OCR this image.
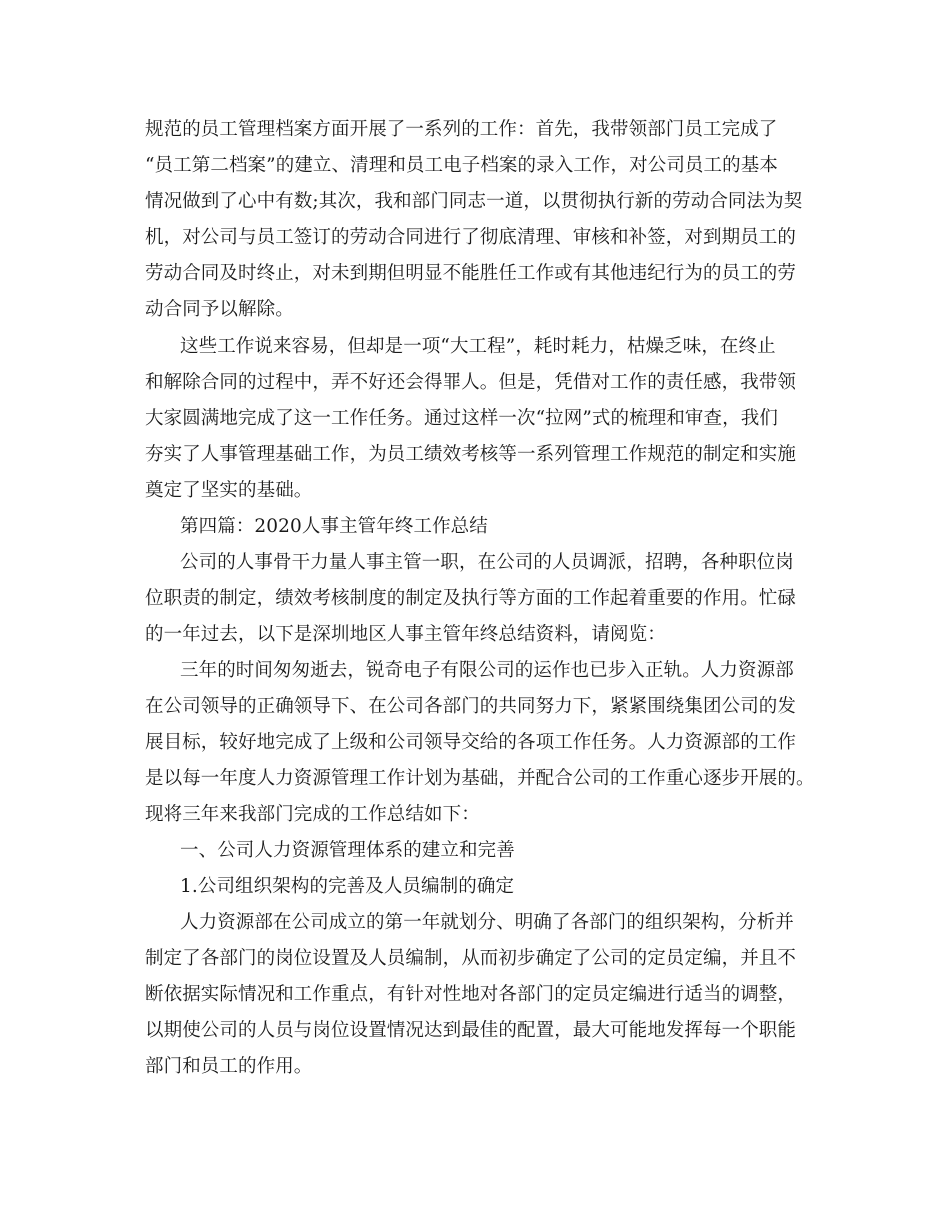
规范的员工管理档案方面开展了一系列的工作：首先，我带领部门员工完成了

“员工第二档案”的建立、清理和员工电子档案的录入工作，对公司员工的基本

情况做到了心中有数;其次，我和部门同志一道，以贯彻执行新的劳动合同法为契

机，对公司与员工签订的劳动合同进行了彻底清理、审核和补签，对到期员工的

劳动合同及时终止，对未到期但明显不能胜任工作或有其他违纪行为的员工的劳

动合同予以解除。

这些工作说来容易，但却是一项“大工程”，耗时耗力，枯燥乏味，在终止

和解除合同的过程中，弄不好还会得罪人。但是，凭借对工作的责任感，我带领

大家圆满地完成了这一工作任务。通过这样一次“拉网”式的梳理和审查，我们

夯实了人事管理基础工作，为员工绩效考核等一系列管理工作规范的制定和实施

奠定了坚实的基础。

第四篇：2020人事主管年终工作总结

公司的人事骨干力量人事主管一职，在公司的人员调派，招聘，各种职位岗

位职责的制定，绩效考核制度的制定及执行等方面的工作起着重要的作用。忙碌

的一年过去，以下是深圳地区人事主管年终总结资料，请阅览：

三年的时间匆匆逝去，锐奇电子有限公司的运作也已步入正轨。人力资源部

在公司领导的正确领导下、在公司各部门的共同努力下，紧紧围绕集团公司的发

展目标，较好地完成了上级和公司领导交给的各项工作任务。人力资源部的工作

是以每一年度人力资源管理工作计划为基础，并配合公司的工作重心逐步开展的。

现将三年来我部门完成的工作总结如下：

一、公司人力资源管理体系的建立和完善

1.公司组织架构的完善及人员编制的确定

人力资源部在公司成立的第一年就划分、明确了各部门的组织架构，分析并

制定了各部门的岗位设置及人员编制，从而初步确定了公司的定员定编，并且不

断依据实际情况和工作重点，有针对性地对各部门的定员定编进行适当的调整，

以期使公司的人员与岗位设置情况达到最佳的配置，最大可能地发挥每一个职能

部门和员工的作用。
